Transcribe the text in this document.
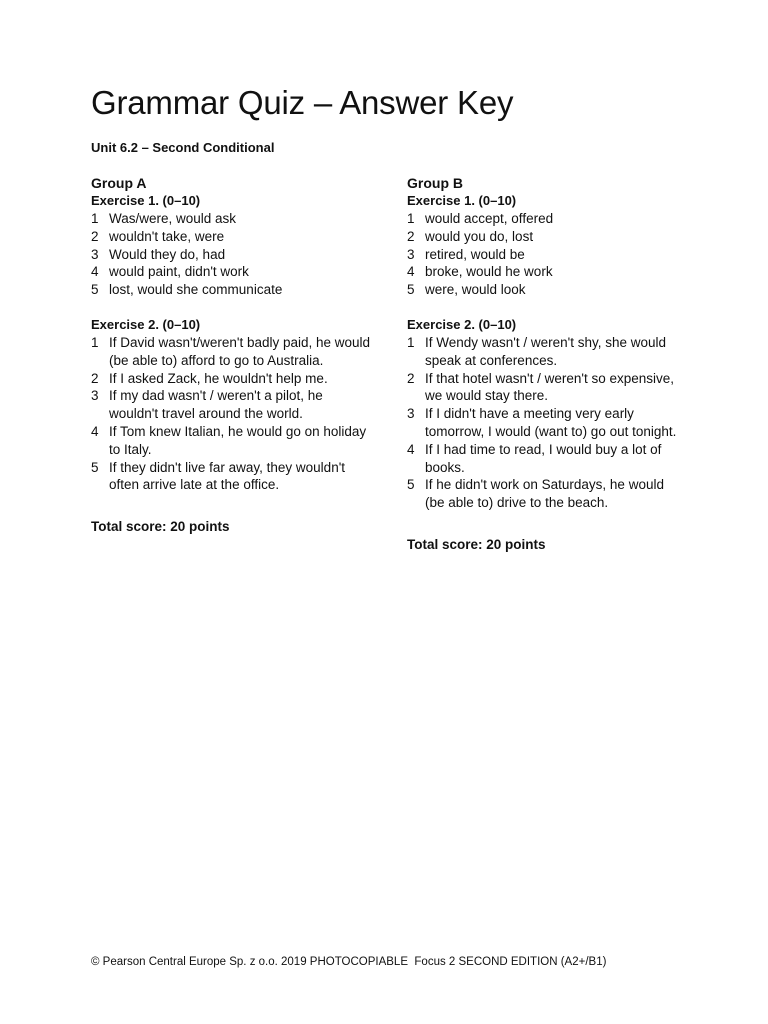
Grammar Quiz – Answer Key
Unit 6.2 – Second Conditional
Group A
Exercise 1. (0–10)
1 Was/were, would ask
2 wouldn't take, were
3 Would they do, had
4 would paint, didn't work
5 lost, would she communicate
Exercise 2. (0–10)
1 If David wasn't/weren't badly paid, he would (be able to) afford to go to Australia.
2 If I asked Zack, he wouldn't help me.
3 If my dad wasn't / weren't a pilot, he wouldn't travel around the world.
4 If Tom knew Italian, he would go on holiday to Italy.
5 If they didn't live far away, they wouldn't often arrive late at the office.
Total score: 20 points
Group B
Exercise 1. (0–10)
1 would accept, offered
2 would you do, lost
3 retired, would be
4 broke, would he work
5 were, would look
Exercise 2. (0–10)
1 If Wendy wasn't / weren't shy, she would speak at conferences.
2 If that hotel wasn't / weren't so expensive, we would stay there.
3 If I didn't have a meeting very early tomorrow, I would (want to) go out tonight.
4 If I had time to read, I would buy a lot of books.
5 If he didn't work on Saturdays, he would (be able to) drive to the beach.
Total score: 20 points
© Pearson Central Europe Sp. z o.o. 2019 PHOTOCOPIABLE  Focus 2 SECOND EDITION (A2+/B1)
